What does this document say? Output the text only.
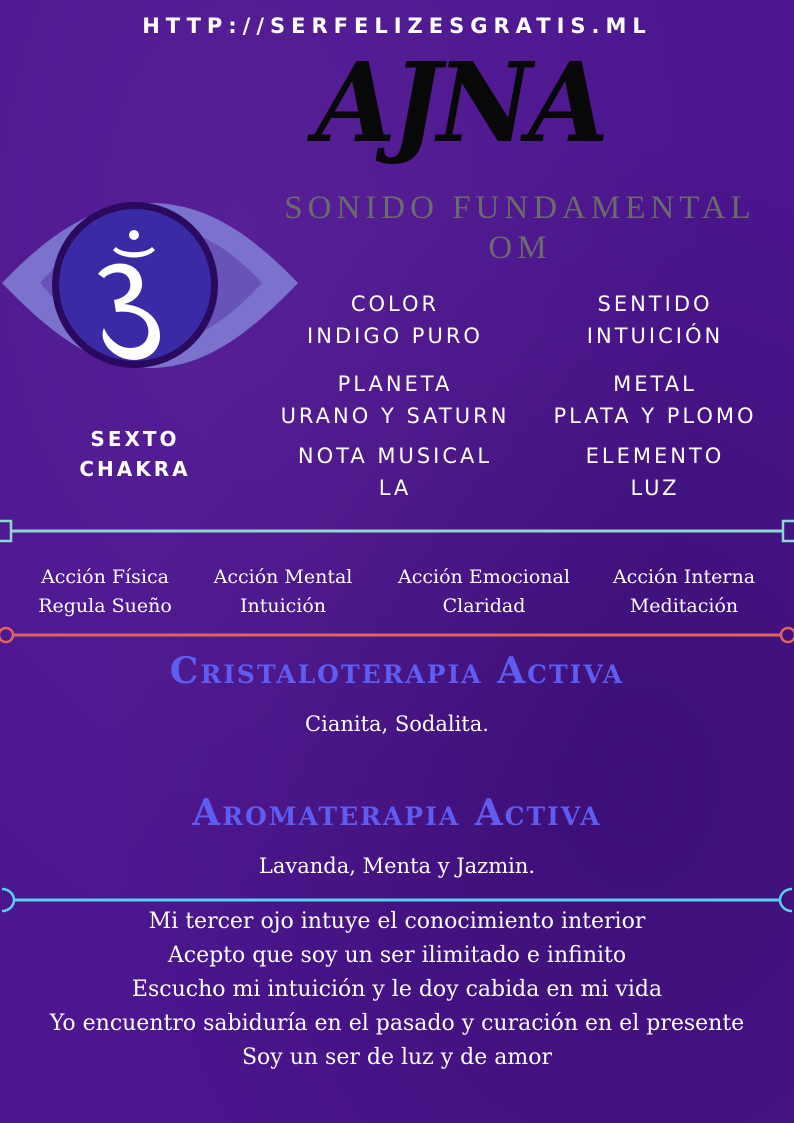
HTTP://SERFELIZESGRATIS.ML
AJNA
SONIDO FUNDAMENTAL
OM
SEXTO
CHAKRA
COLOR
INDIGO PURO
SENTIDO
INTUICIÓN
PLANETA
URANO Y SATURN
METAL
PLATA Y PLOMO
NOTA MUSICAL
LA
ELEMENTO
LUZ
Acción Física
Regula Sueño
Acción Mental
Intuición
Acción Emocional
Claridad
Acción Interna
Meditación
Cristaloterapia Activa
Cianita, Sodalita.
Aromaterapia Activa
Lavanda, Menta y Jazmin.
Mi tercer ojo intuye el conocimiento interior
Acepto que soy un ser ilimitado e infinito
Escucho mi intuición y le doy cabida en mi vida
Yo encuentro sabiduría en el pasado y curación en el presente
Soy un ser de luz y de amor
